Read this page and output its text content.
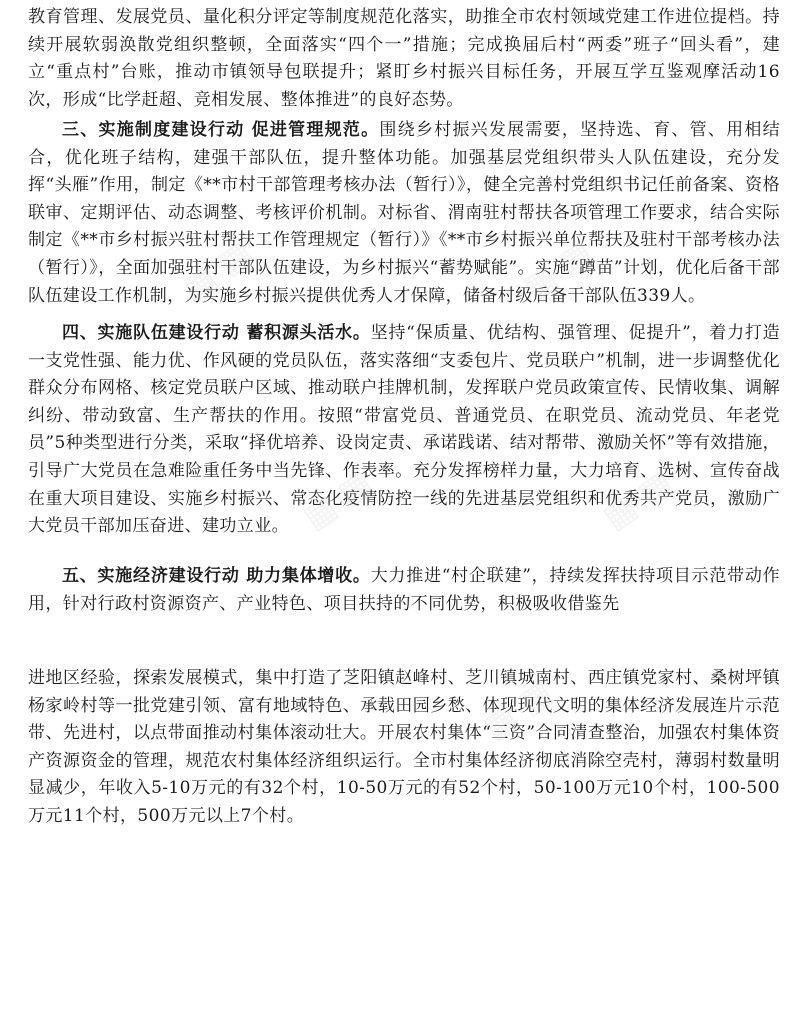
教育管理、发展党员、量化积分评定等制度规范化落实，助推全市农村领域党建工作进位提档。持续开展软弱涣散党组织整顿，全面落实“四个一”措施；完成换届后村“两委”班子“回头看”，建立“重点村”台账，推动市镇领导包联提升；紧盯乡村振兴目标任务，开展互学互鉴观摩活动16次，形成“比学赶超、竞相发展、整体推进”的良好态势。

三、实施制度建设行动 促进管理规范。围绕乡村振兴发展需要，坚持选、育、管、用相结合，优化班子结构，建强干部队伍，提升整体功能。加强基层党组织带头人队伍建设，充分发挥“头雁”作用，制定《**市村干部管理考核办法（暂行）》，健全完善村党组织书记任前备案、资格联审、定期评估、动态调整、考核评价机制。对标省、渭南驻村帮扶各项管理工作要求，结合实际制定《**市乡村振兴驻村帮扶工作管理规定（暂行）》《**市乡村振兴单位帮扶及驻村干部考核办法（暂行）》，全面加强驻村干部队伍建设，为乡村振兴“蓄势赋能”。实施“蹲苗”计划，优化后备干部队伍建设工作机制，为实施乡村振兴提供优秀人才保障，储备村级后备干部队伍339人。

四、实施队伍建设行动 蓄积源头活水。坚持“保质量、优结构、强管理、促提升”，着力打造一支党性强、能力优、作风硬的党员队伍，落实落细“支委包片、党员联户”机制，进一步调整优化群众分布网格、核定党员联户区域、推动联户挂牌机制，发挥联户党员政策宣传、民情收集、调解纠纷、带动致富、生产帮扶的作用。按照“带富党员、普通党员、在职党员、流动党员、年老党员”5种类型进行分类，采取“择优培养、设岗定责、承诺践诺、结对帮带、激励关怀”等有效措施，引导广大党员在急难险重任务中当先锋、作表率。充分发挥榜样力量，大力培育、选树、宣传奋战在重大项目建设、实施乡村振兴、常态化疫情防控一线的先进基层党组织和优秀共产党员，激励广大党员干部加压奋进、建功立业。

五、实施经济建设行动 助力集体增收。大力推进“村企联建”，持续发挥扶持项目示范带动作用，针对行政村资源资产、产业特色、项目扶持的不同优势，积极吸收借鉴先

进地区经验，探索发展模式，集中打造了芝阳镇赵峰村、芝川镇城南村、西庄镇党家村、桑树坪镇杨家岭村等一批党建引领、富有地域特色、承载田园乡愁、体现现代文明的集体经济发展连片示范带、先进村，以点带面推动村集体滚动壮大。开展农村集体“三资”合同清查整治，加强农村集体资产资源资金的管理，规范农村集体经济组织运行。全市村集体经济彻底消除空壳村，薄弱村数量明显减少，年收入5-10万元的有32个村，10-50万元的有52个村，50-100万元10个村，100-500万元11个村，500万元以上7个村。

▦ ▦	▦ ▦
▦ ▦	▦ ▦
▦ ▦
